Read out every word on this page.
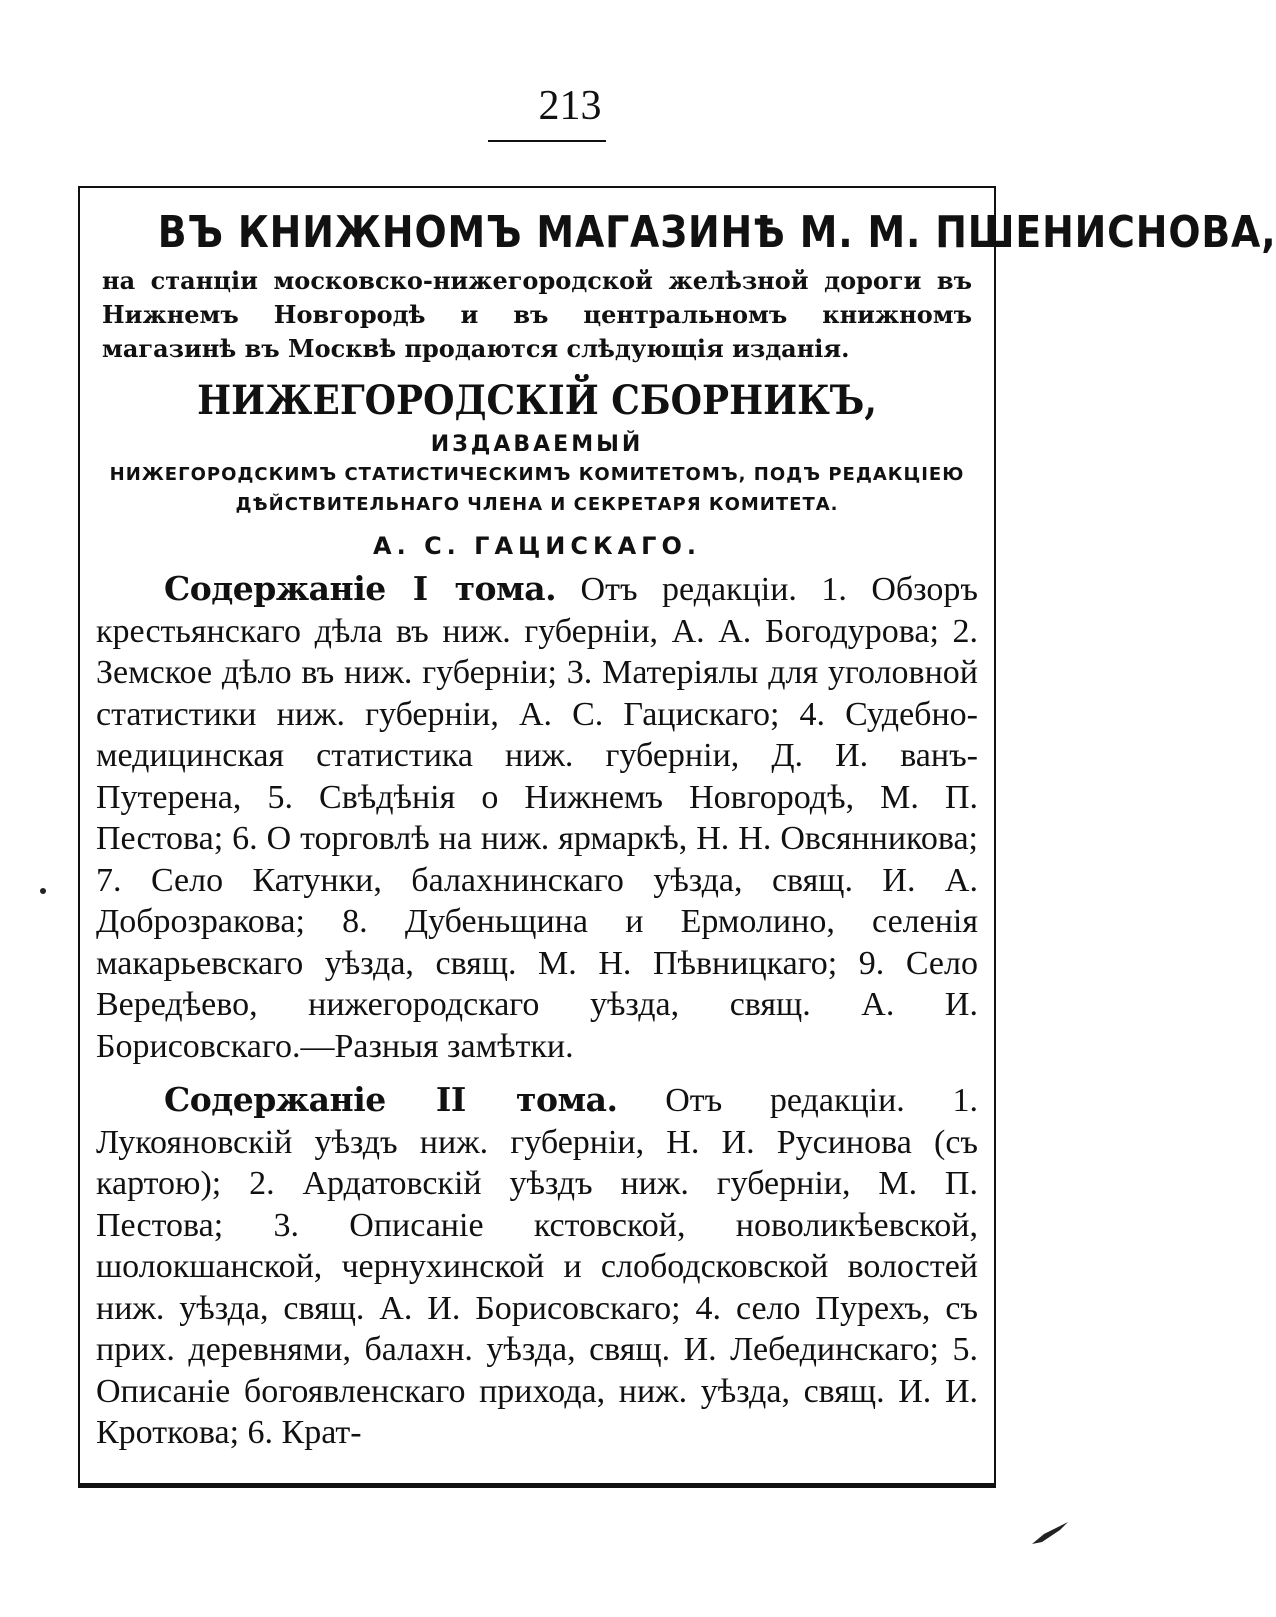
213
ВЪ КНИЖНОМЪ МАГАЗИНѢ М. М. ПШЕНИСНОВА,
на станціи московско-нижегородской желѣзной дороги въ Нижнемъ Новгородѣ и въ центральномъ книжномъ магазинѣ въ Москвѣ продаются слѣдующія изданія.
НИЖЕГОРОДСКІЙ СБОРНИКЪ,
ИЗДАВАЕМЫЙ
НИЖЕГОРОДСКИМЪ СТАТИСТИЧЕСКИМЪ КОМИТЕТОМЪ, ПОДЪ РЕДАКЦІЕЮ
ДѢЙСТВИТЕЛЬНАГО ЧЛЕНА И СЕКРЕТАРЯ КОМИТЕТА.
А. С. ГАЦИСКАГО.

Содержаніе I тома. Отъ редакціи. 1. Обзоръ крестьянскаго дѣла въ ниж. губерніи, А. А. Богодурова; 2. Земское дѣло въ ниж. губерніи; 3. Матеріялы для уголовной статистики ниж. губерніи, А. С. Гацискаго; 4. Судебно-медицинская статистика ниж. губерніи, Д. И. ванъ-Путерена, 5. Свѣдѣнія о Нижнемъ Новгородѣ, М. П. Пестова; 6. О торговлѣ на ниж. ярмаркѣ, Н. Н. Овсянникова; 7. Село Катунки, балахнинскаго уѣзда, свящ. И. А. Доброзракова; 8. Дубеньщина и Ермолино, селенія макарьевскаго уѣзда, свящ. М. Н. Пѣвницкаго; 9. Село Вередѣево, нижегородскаго уѣзда, свящ. А. И. Борисовскаго.—Разныя замѣтки.

Содержаніе II тома. Отъ редакціи. 1. Лукояновскій уѣздъ ниж. губерніи, Н. И. Русинова (съ картою); 2. Ардатовскій уѣздъ ниж. губерніи, М. П. Пестова; 3. Описаніе кстовской, новоликѣевской, шолокшанской, чернухинской и слободсковской волостей ниж. уѣзда, свящ. А. И. Борисовскаго; 4. село Пурехъ, съ прих. деревнями, балахн. уѣзда, свящ. И. Лебединскаго; 5. Описаніе богоявленскаго прихода, ниж. уѣзда, свящ. И. И. Кроткова; 6. Крат-
